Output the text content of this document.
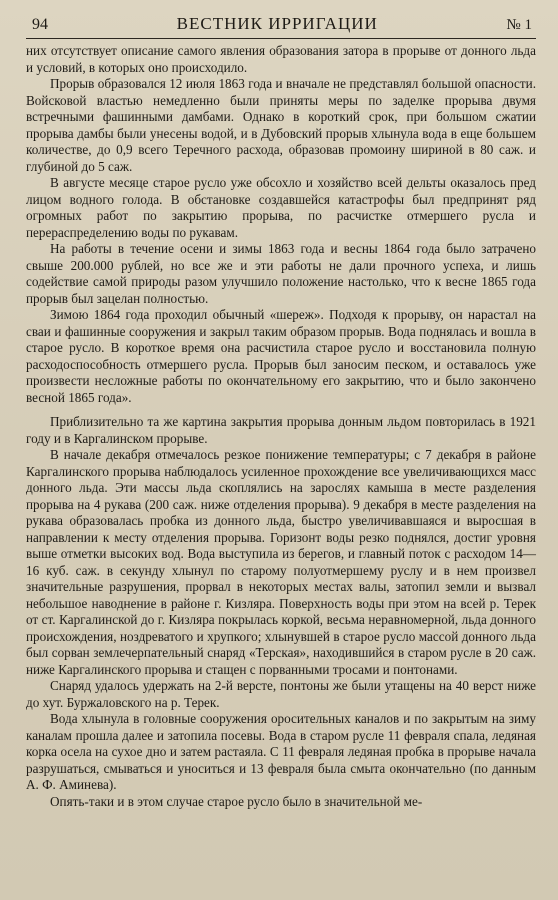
94	ВЕСТНИК ИРРИГАЦИИ	№ 1

них отсутствует описание самого явления образования затора в прорыве от донного льда и условий, в которых оно происходило.

Прорыв образовался 12 июля 1863 года и вначале не представлял большой опасности. Войсковой властью немедленно были приняты меры по заделке прорыва двумя встречными фашинными дамбами. Однако в короткий срок, при большом сжатии прорыва дамбы были унесены водой, и в Дубовский прорыв хлынула вода в еще большем количестве, до 0,9 всего Теречного расхода, образовав промоину шириной в 80 саж. и глубиной до 5 саж.

В августе месяце старое русло уже обсохло и хозяйство всей дельты оказалось пред лицом водного голода. В обстановке создавшейся катастрофы был предпринят ряд огромных работ по закрытию прорыва, по расчистке отмершего русла и перераспределению воды по рукавам.

На работы в течение осени и зимы 1863 года и весны 1864 года было затрачено свыше 200.000 рублей, но все же и эти работы не дали прочного успеха, и лишь содействие самой природы разом улучшило положение настолько, что к весне 1865 года прорыв был зацелан полностью.

Зимою 1864 года проходил обычный «шереж». Подходя к прорыву, он нарастал на сваи и фашинные сооружения и закрыл таким образом прорыв. Вода поднялась и вошла в старое русло. В короткое время она расчистила старое русло и восстановила полную расходоспособность отмершего русла. Прорыв был заносим песком, и оставалось уже произвести несложные работы по окончательному его закрытию, что и было закончено весной 1865 года».

Приблизительно та же картина закрытия прорыва донным льдом повторилась в 1921 году и в Каргалинском прорыве.

В начале декабря отмечалось резкое понижение температуры; с 7 декабря в районе Каргалинского прорыва наблюдалось усиленное прохождение все увеличивающихся масс донного льда. Эти массы льда скоплялись на зарослях камыша в месте разделения прорыва на 4 рукава (200 саж. ниже отделения прорыва). 9 декабря в месте разделения на рукава образовалась пробка из донного льда, быстро увеличивавшаяся и выросшая в направлении к месту отделения прорыва. Горизонт воды резко поднялся, достиг уровня выше отметки высоких вод. Вода выступила из берегов, и главный поток с расходом 14—16 куб. саж. в секунду хлынул по старому полуотмершему руслу и в нем произвел значительные разрушения, прорвал в некоторых местах валы, затопил земли и вызвал небольшое наводнение в районе г. Кизляра. Поверхность воды при этом на всей р. Терек от ст. Каргалинской до г. Кизляра покрылась коркой, весьма неравномерной, льда донного происхождения, ноздреватого и хрупкого; хлынувшей в старое русло массой донного льда был сорван землечерпательный снаряд «Терская», находившийся в старом русле в 20 саж. ниже Каргалинского прорыва и стащен с порванными тросами и понтонами.

Снаряд удалось удержать на 2-й версте, понтоны же были утащены на 40 верст ниже до хут. Буржаловского на р. Терек.

Вода хлынула в головные сооружения оросительных каналов и по закрытым на зиму каналам прошла далее и затопила посевы. Вода в старом русле 11 февраля спала, ледяная корка осела на сухое дно и затем растаяла. С 11 февраля ледяная пробка в прорыве начала разрушаться, смываться и уноситься и 13 февраля была смыта окончательно (по данным А. Ф. Аминева).

Опять-таки и в этом случае старое русло было в значительной ме-
